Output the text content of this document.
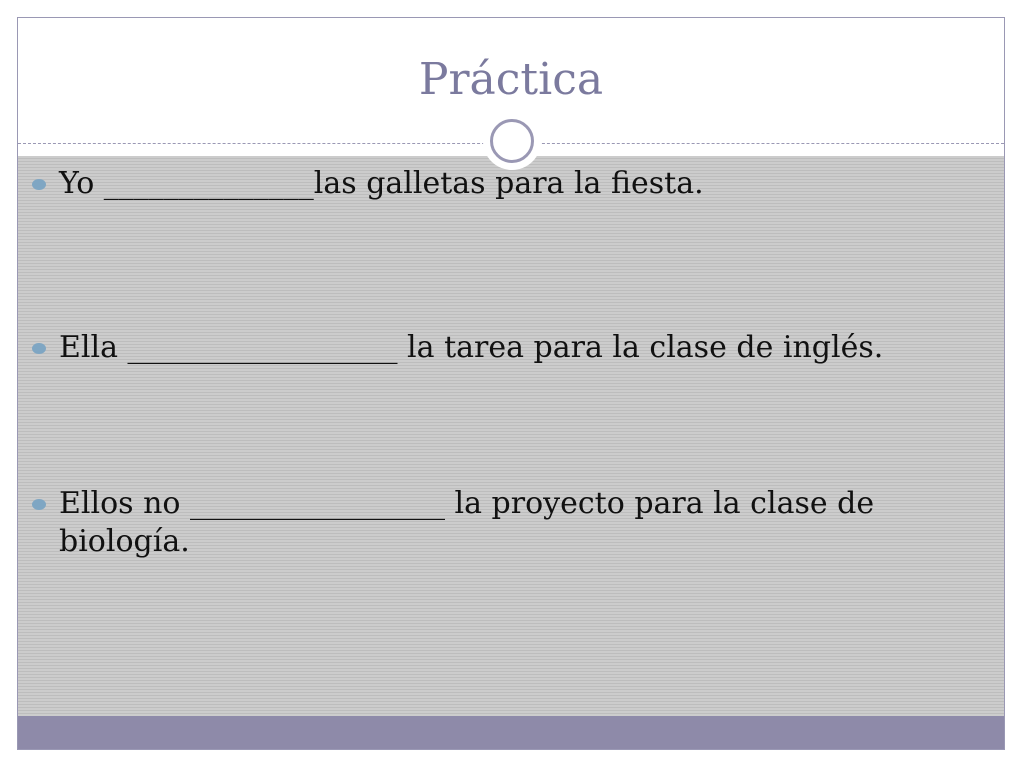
Práctica
Yo ______________las galletas para la fiesta.
Ella __________________ la tarea para la clase de inglés.
Ellos no _________________ la proyecto para la clase de biología.
